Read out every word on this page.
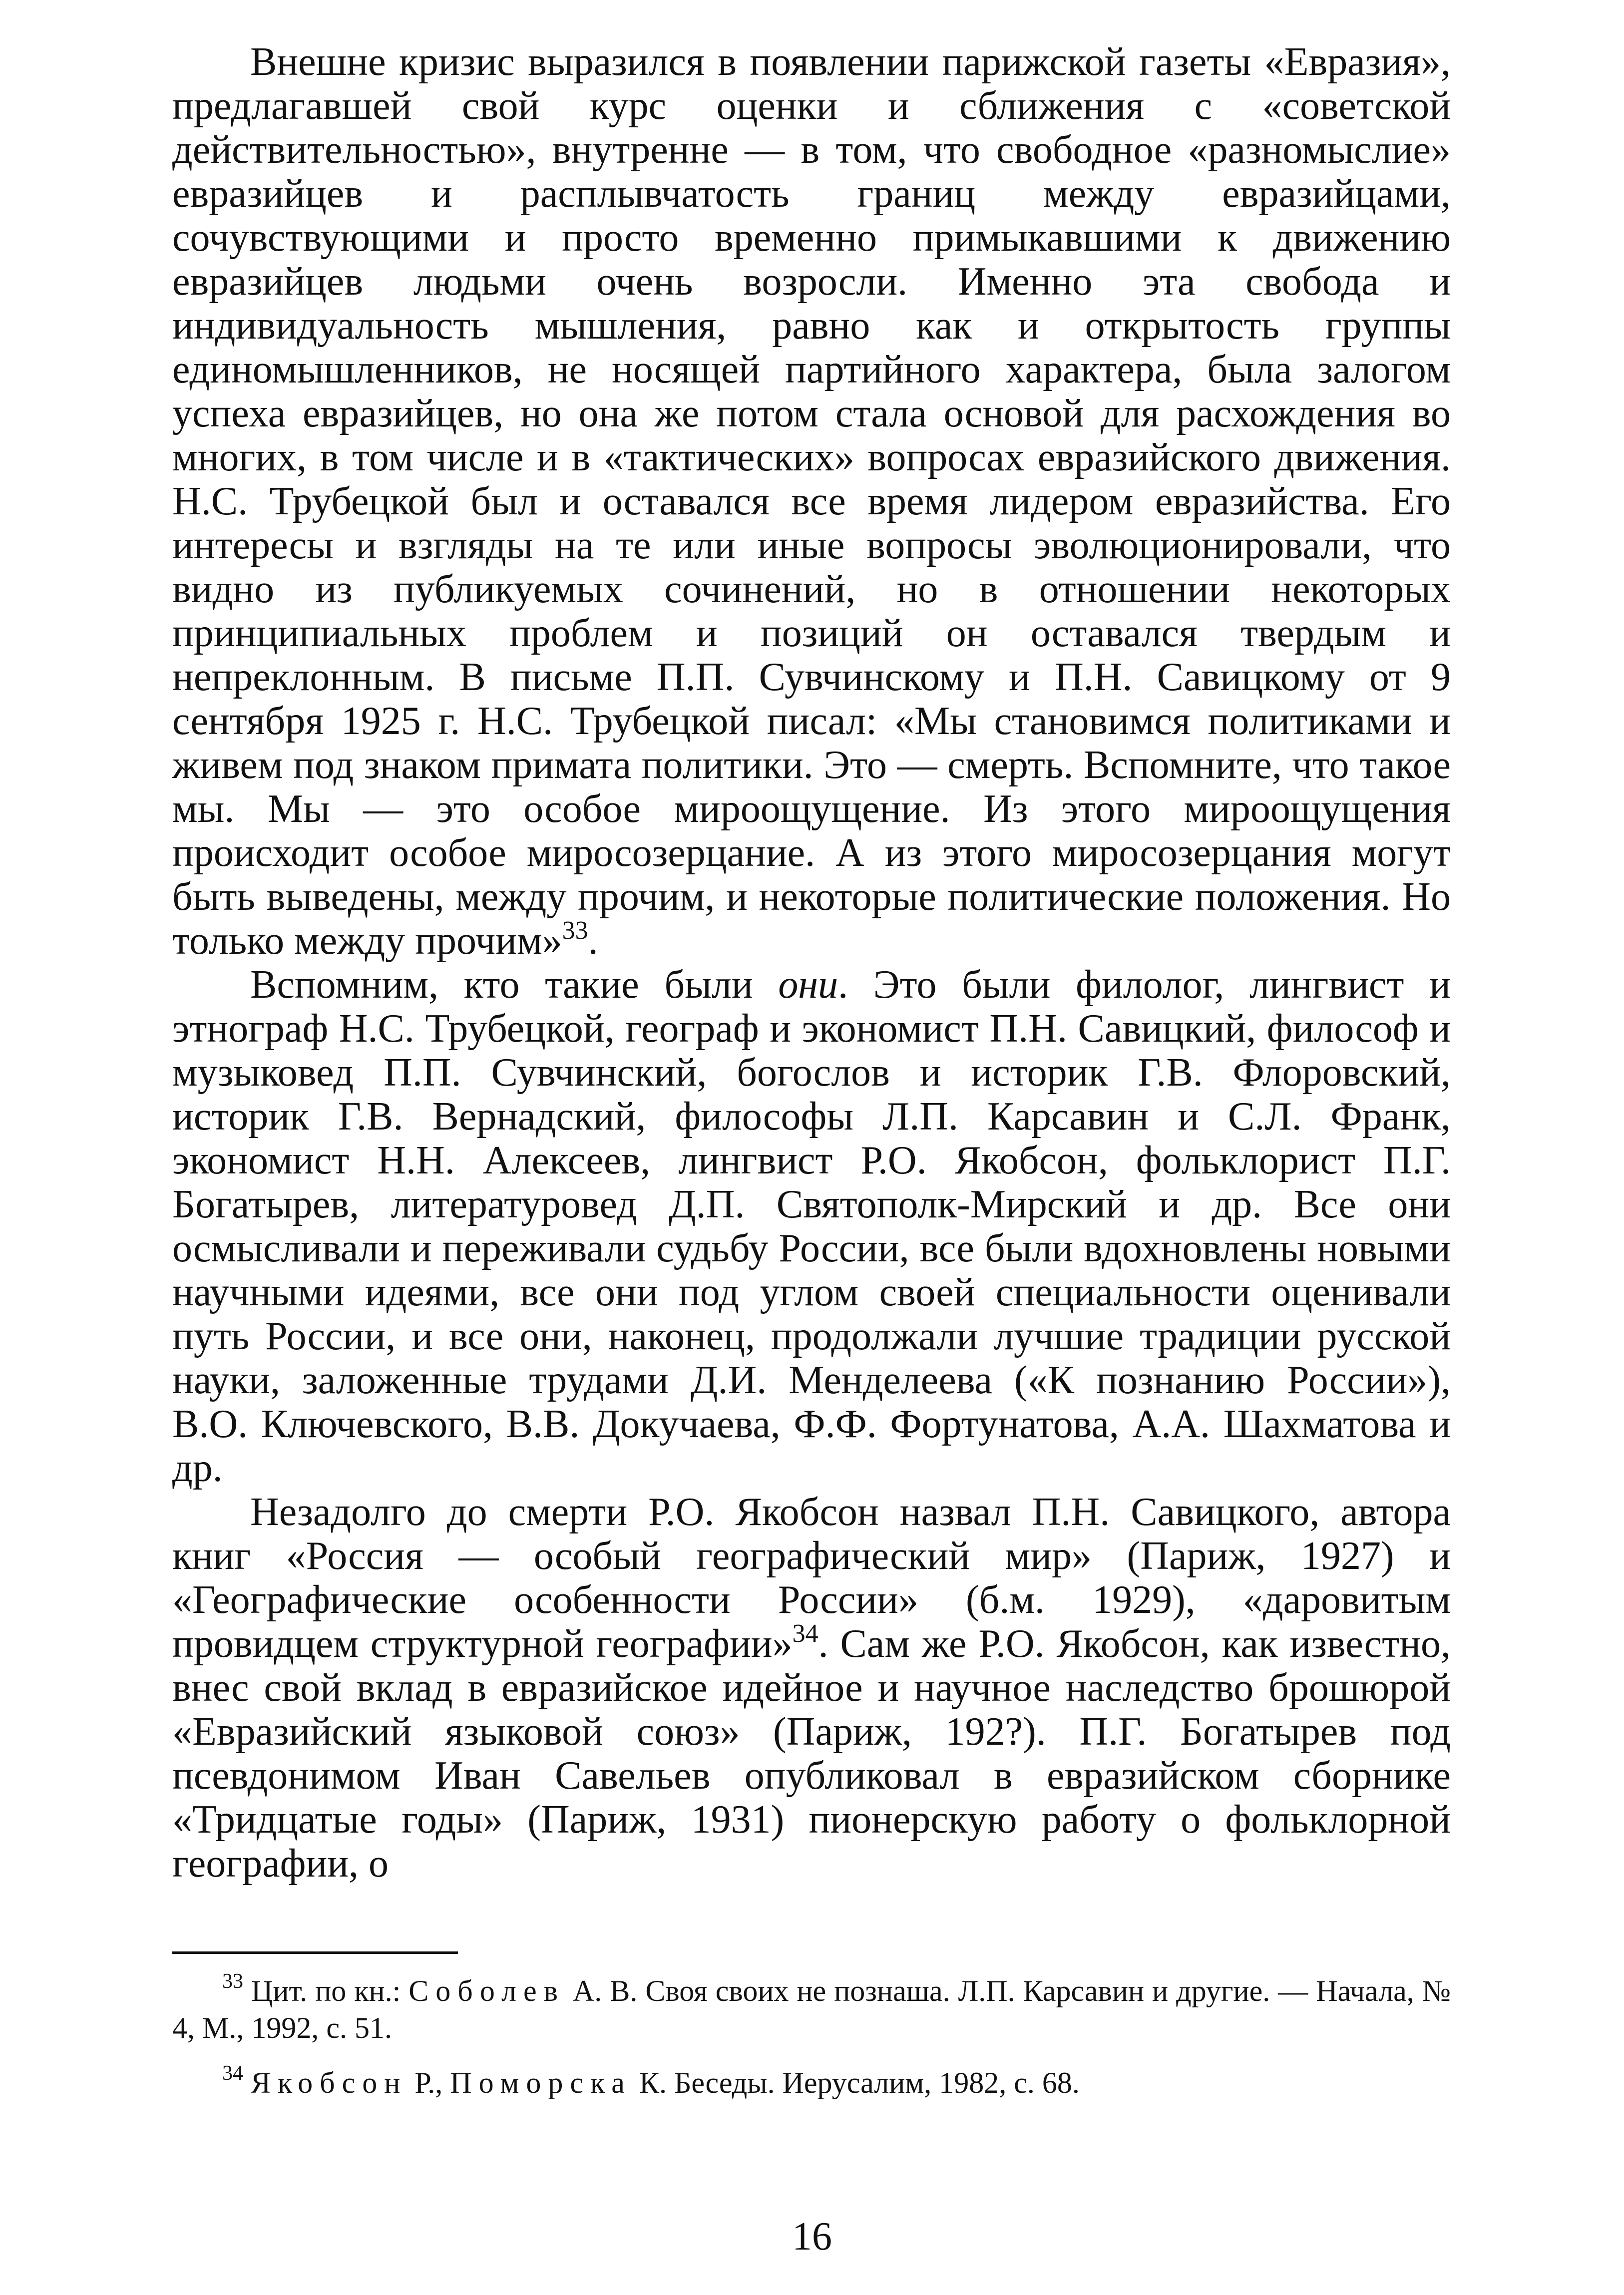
Внешне кризис выразился в появлении парижской газеты «Евразия», предлагавшей свой курс оценки и сближения с «советской действительностью», внутренне — в том, что свободное «разномыслие» евразийцев и расплывчатость границ между евразийцами, сочувствующими и просто временно примыкавшими к движению евразийцев людьми очень возросли. Именно эта свобода и индивидуальность мышления, равно как и открытость группы единомышленников, не носящей партийного характера, была залогом успеха евразийцев, но она же потом стала основой для расхождения во многих, в том числе и в «тактических» вопросах евразийского движения. Н.С. Трубецкой был и оставался все время лидером евразийства. Его интересы и взгляды на те или иные вопросы эволюционировали, что видно из публикуемых сочинений, но в отношении некоторых принципиальных проблем и позиций он оставался твердым и непреклонным. В письме П.П. Сувчинскому и П.Н. Савицкому от 9 сентября 1925 г. Н.С. Трубецкой писал: «Мы становимся политиками и живем под знаком примата политики. Это — смерть. Вспомните, что такое мы. Мы — это особое мироощущение. Из этого мироощущения происходит особое миросозерцание. А из этого миросозерцания могут быть выведены, между прочим, и некоторые политические положения. Но только между прочим»$^{33}$.

Вспомним, кто такие были они. Это были филолог, лингвист и этнограф Н.С. Трубецкой, географ и экономист П.Н. Савицкий, философ и музыковед П.П. Сувчинский, богослов и историк Г.В. Флоровский, историк Г.В. Вернадский, философы Л.П. Карсавин и С.Л. Франк, экономист Н.Н. Алексеев, лингвист Р.О. Якобсон, фольклорист П.Г. Богатырев, литературовед Д.П. Святополк-Мирский и др. Все они осмысливали и переживали судьбу России, все были вдохновлены новыми научными идеями, все они под углом своей специальности оценивали путь России, и все они, наконец, продолжали лучшие традиции русской науки, заложенные трудами Д.И. Менделеева («К познанию России»), В.О. Ключевского, В.В. Докучаева, Ф.Ф. Фортунатова, А.А. Шахматова и др.

Незадолго до смерти Р.О. Якобсон назвал П.Н. Савицкого, автора книг «Россия — особый географический мир» (Париж, 1927) и «Географические особенности России» (б.м. 1929), «даровитым провидцем структурной географии»$^{34}$. Сам же Р.О. Якобсон, как известно, внес свой вклад в евразийское идейное и научное наследство брошюрой «Евразийский языковой союз» (Париж, 192?). П.Г. Богатырев под псевдонимом Иван Савельев опубликовал в евразийском сборнике «Тридцатые годы» (Париж, 1931) пионерскую работу о фольклорной географии, о

$^{33}$ Цит. по кн.: Соболев А. В. Своя своих не познаша. Л.П. Карсавин и другие. — Начала, № 4, М., 1992, с. 51.

$^{34}$ Якобсон Р., Поморска К. Беседы. Иерусалим, 1982, с. 68.

16
